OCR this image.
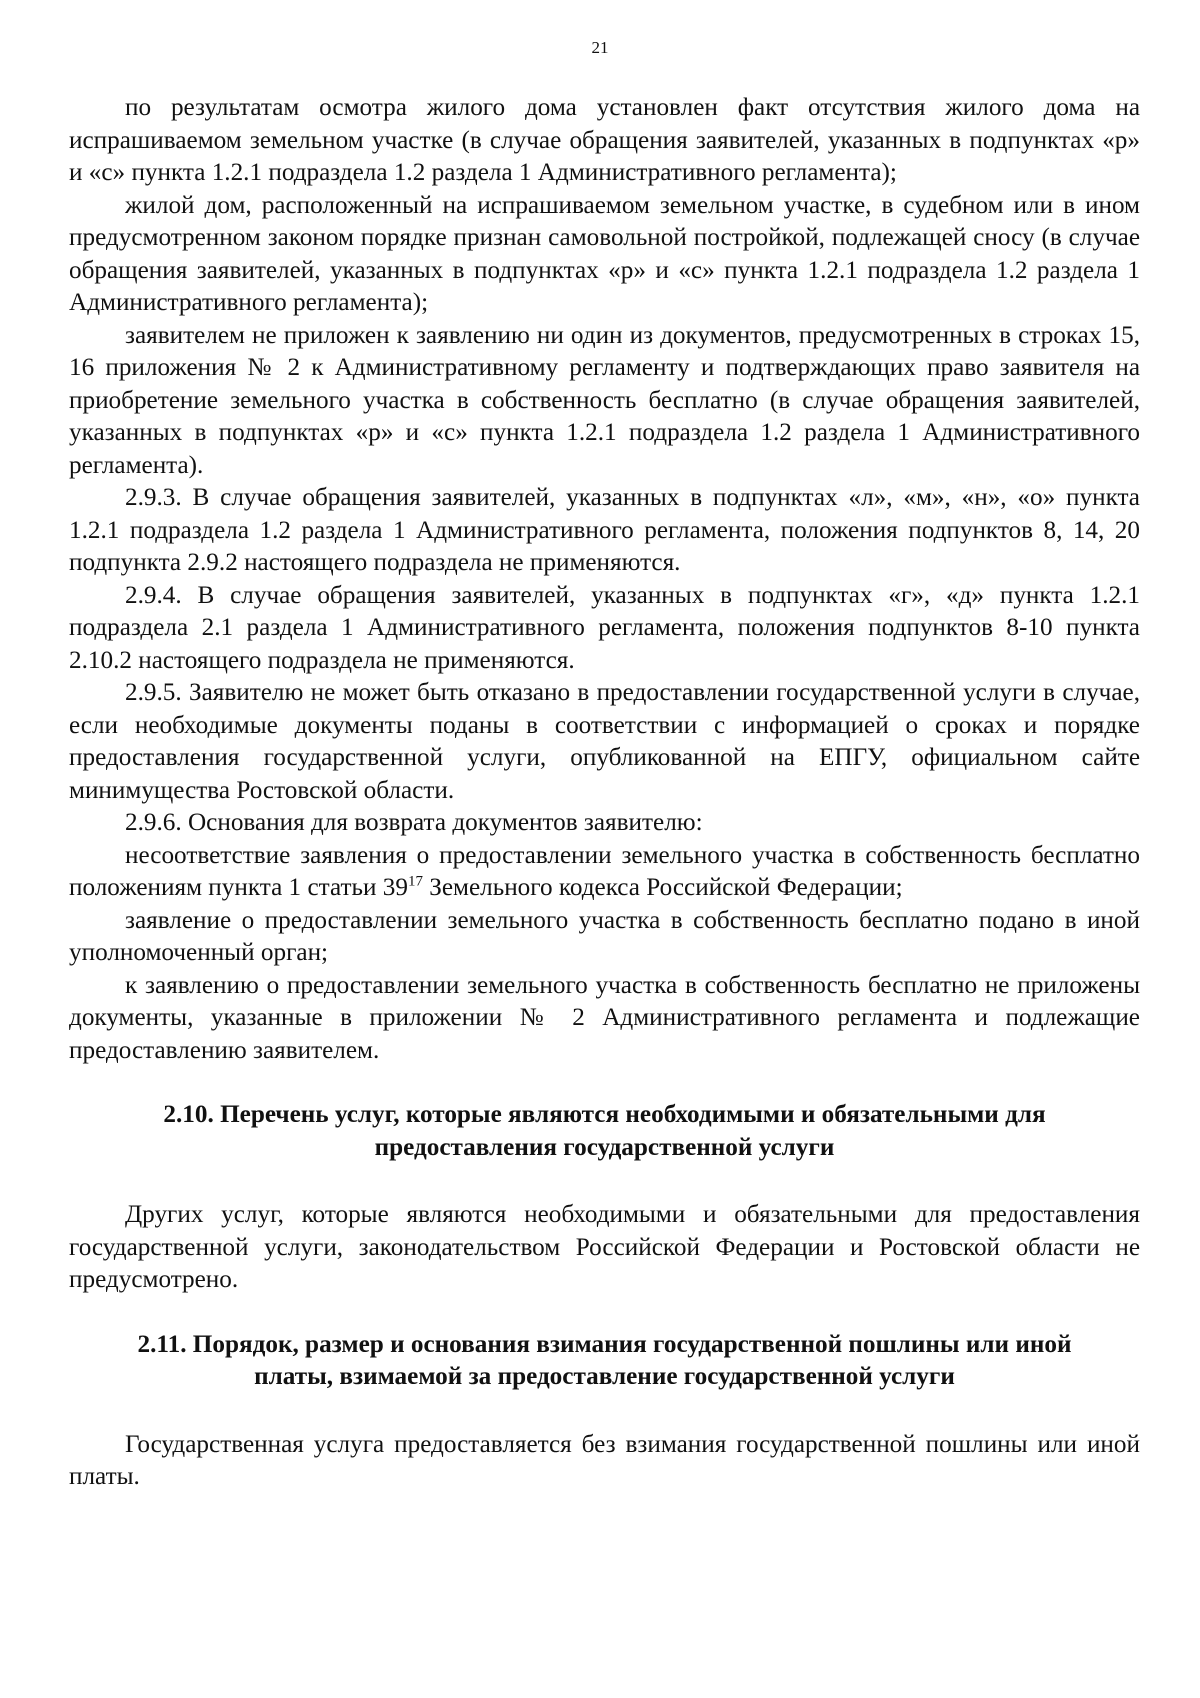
21

по результатам осмотра жилого дома установлен факт отсутствия жилого дома на испрашиваемом земельном участке (в случае обращения заявителей, указанных в подпунктах «р» и «с» пункта 1.2.1 подраздела 1.2 раздела 1 Административного регламента);

жилой дом, расположенный на испрашиваемом земельном участке, в судебном или в ином предусмотренном законом порядке признан самовольной постройкой, подлежащей сносу (в случае обращения заявителей, указанных в подпунктах «р» и «с» пункта 1.2.1 подраздела 1.2 раздела 1 Административного регламента);

заявителем не приложен к заявлению ни один из документов, предусмотренных в строках 15, 16 приложения № 2 к Административному регламенту и подтверждающих право заявителя на приобретение земельного участка в собственность бесплатно (в случае обращения заявителей, указанных в подпунктах «р» и «с» пункта 1.2.1 подраздела 1.2 раздела 1 Административного регламента).

2.9.3. В случае обращения заявителей, указанных в подпунктах «л», «м», «н», «о» пункта 1.2.1 подраздела 1.2 раздела 1 Административного регламента, положения подпунктов 8, 14, 20 подпункта 2.9.2 настоящего подраздела не применяются.

2.9.4. В случае обращения заявителей, указанных в подпунктах «г», «д» пункта 1.2.1 подраздела 2.1 раздела 1 Административного регламента, положения подпунктов 8-10 пункта 2.10.2 настоящего подраздела не применяются.

2.9.5. Заявителю не может быть отказано в предоставлении государственной услуги в случае, если необходимые документы поданы в соответствии с информацией о сроках и порядке предоставления государственной услуги, опубликованной на ЕПГУ, официальном сайте минимущества Ростовской области.

2.9.6. Основания для возврата документов заявителю:

несоответствие заявления о предоставлении земельного участка в собственность бесплатно положениям пункта 1 статьи $39^{17}$ Земельного кодекса Российской Федерации;

заявление о предоставлении земельного участка в собственность бесплатно подано в иной уполномоченный орган;

к заявлению о предоставлении земельного участка в собственность бесплатно не приложены документы, указанные в приложении № 2 Административного регламента и подлежащие предоставлению заявителем.

2.10. Перечень услуг, которые являются необходимыми и обязательными для
предоставления государственной услуги

Других услуг, которые являются необходимыми и обязательными для предоставления государственной услуги, законодательством Российской Федерации и Ростовской области не предусмотрено.

2.11. Порядок, размер и основания взимания государственной пошлины или иной
платы, взимаемой за предоставление государственной услуги

Государственная услуга предоставляется без взимания государственной пошлины или иной платы.
